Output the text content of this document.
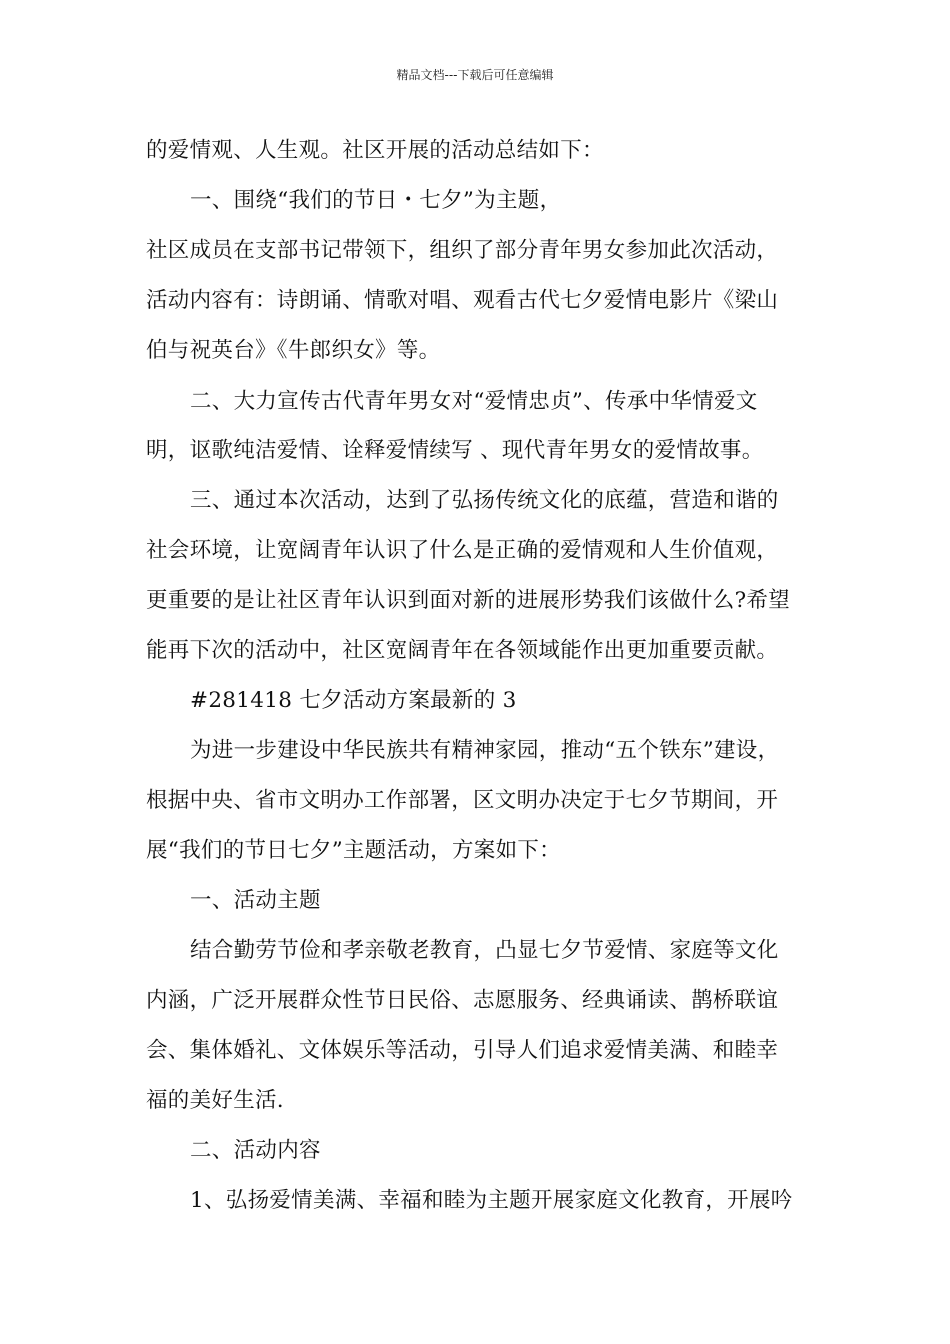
精品文档---下载后可任意编辑
的爱情观、人生观。社区开展的活动总结如下：
一、围绕“我们的节日・七夕”为主题，
社区成员在支部书记带领下，组织了部分青年男女参加此次活动，
活动内容有：诗朗诵、情歌对唱、观看古代七夕爱情电影片《梁山
伯与祝英台》《牛郎织女》等。
二、大力宣传古代青年男女对“爱情忠贞”、传承中华情爱文
明，讴歌纯洁爱情、诠释爱情续写 、现代青年男女的爱情故事。
三、通过本次活动，达到了弘扬传统文化的底蕴，营造和谐的
社会环境，让宽阔青年认识了什么是正确的爱情观和人生价值观，
更重要的是让社区青年认识到面对新的进展形势我们该做什么?希望
能再下次的活动中，社区宽阔青年在各领域能作出更加重要贡献。
#281418 七夕活动方案最新的 3
为进一步建设中华民族共有精神家园，推动“五个铁东”建设，
根据中央、省市文明办工作部署，区文明办决定于七夕节期间，开
展“我们的节日七夕”主题活动，方案如下：
一、活动主题
结合勤劳节俭和孝亲敬老教育，凸显七夕节爱情、家庭等文化
内涵，广泛开展群众性节日民俗、志愿服务、经典诵读、鹊桥联谊
会、集体婚礼、文体娱乐等活动，引导人们追求爱情美满、和睦幸
福的美好生活.
二、活动内容
1、弘扬爱情美满、幸福和睦为主题开展家庭文化教育，开展吟
